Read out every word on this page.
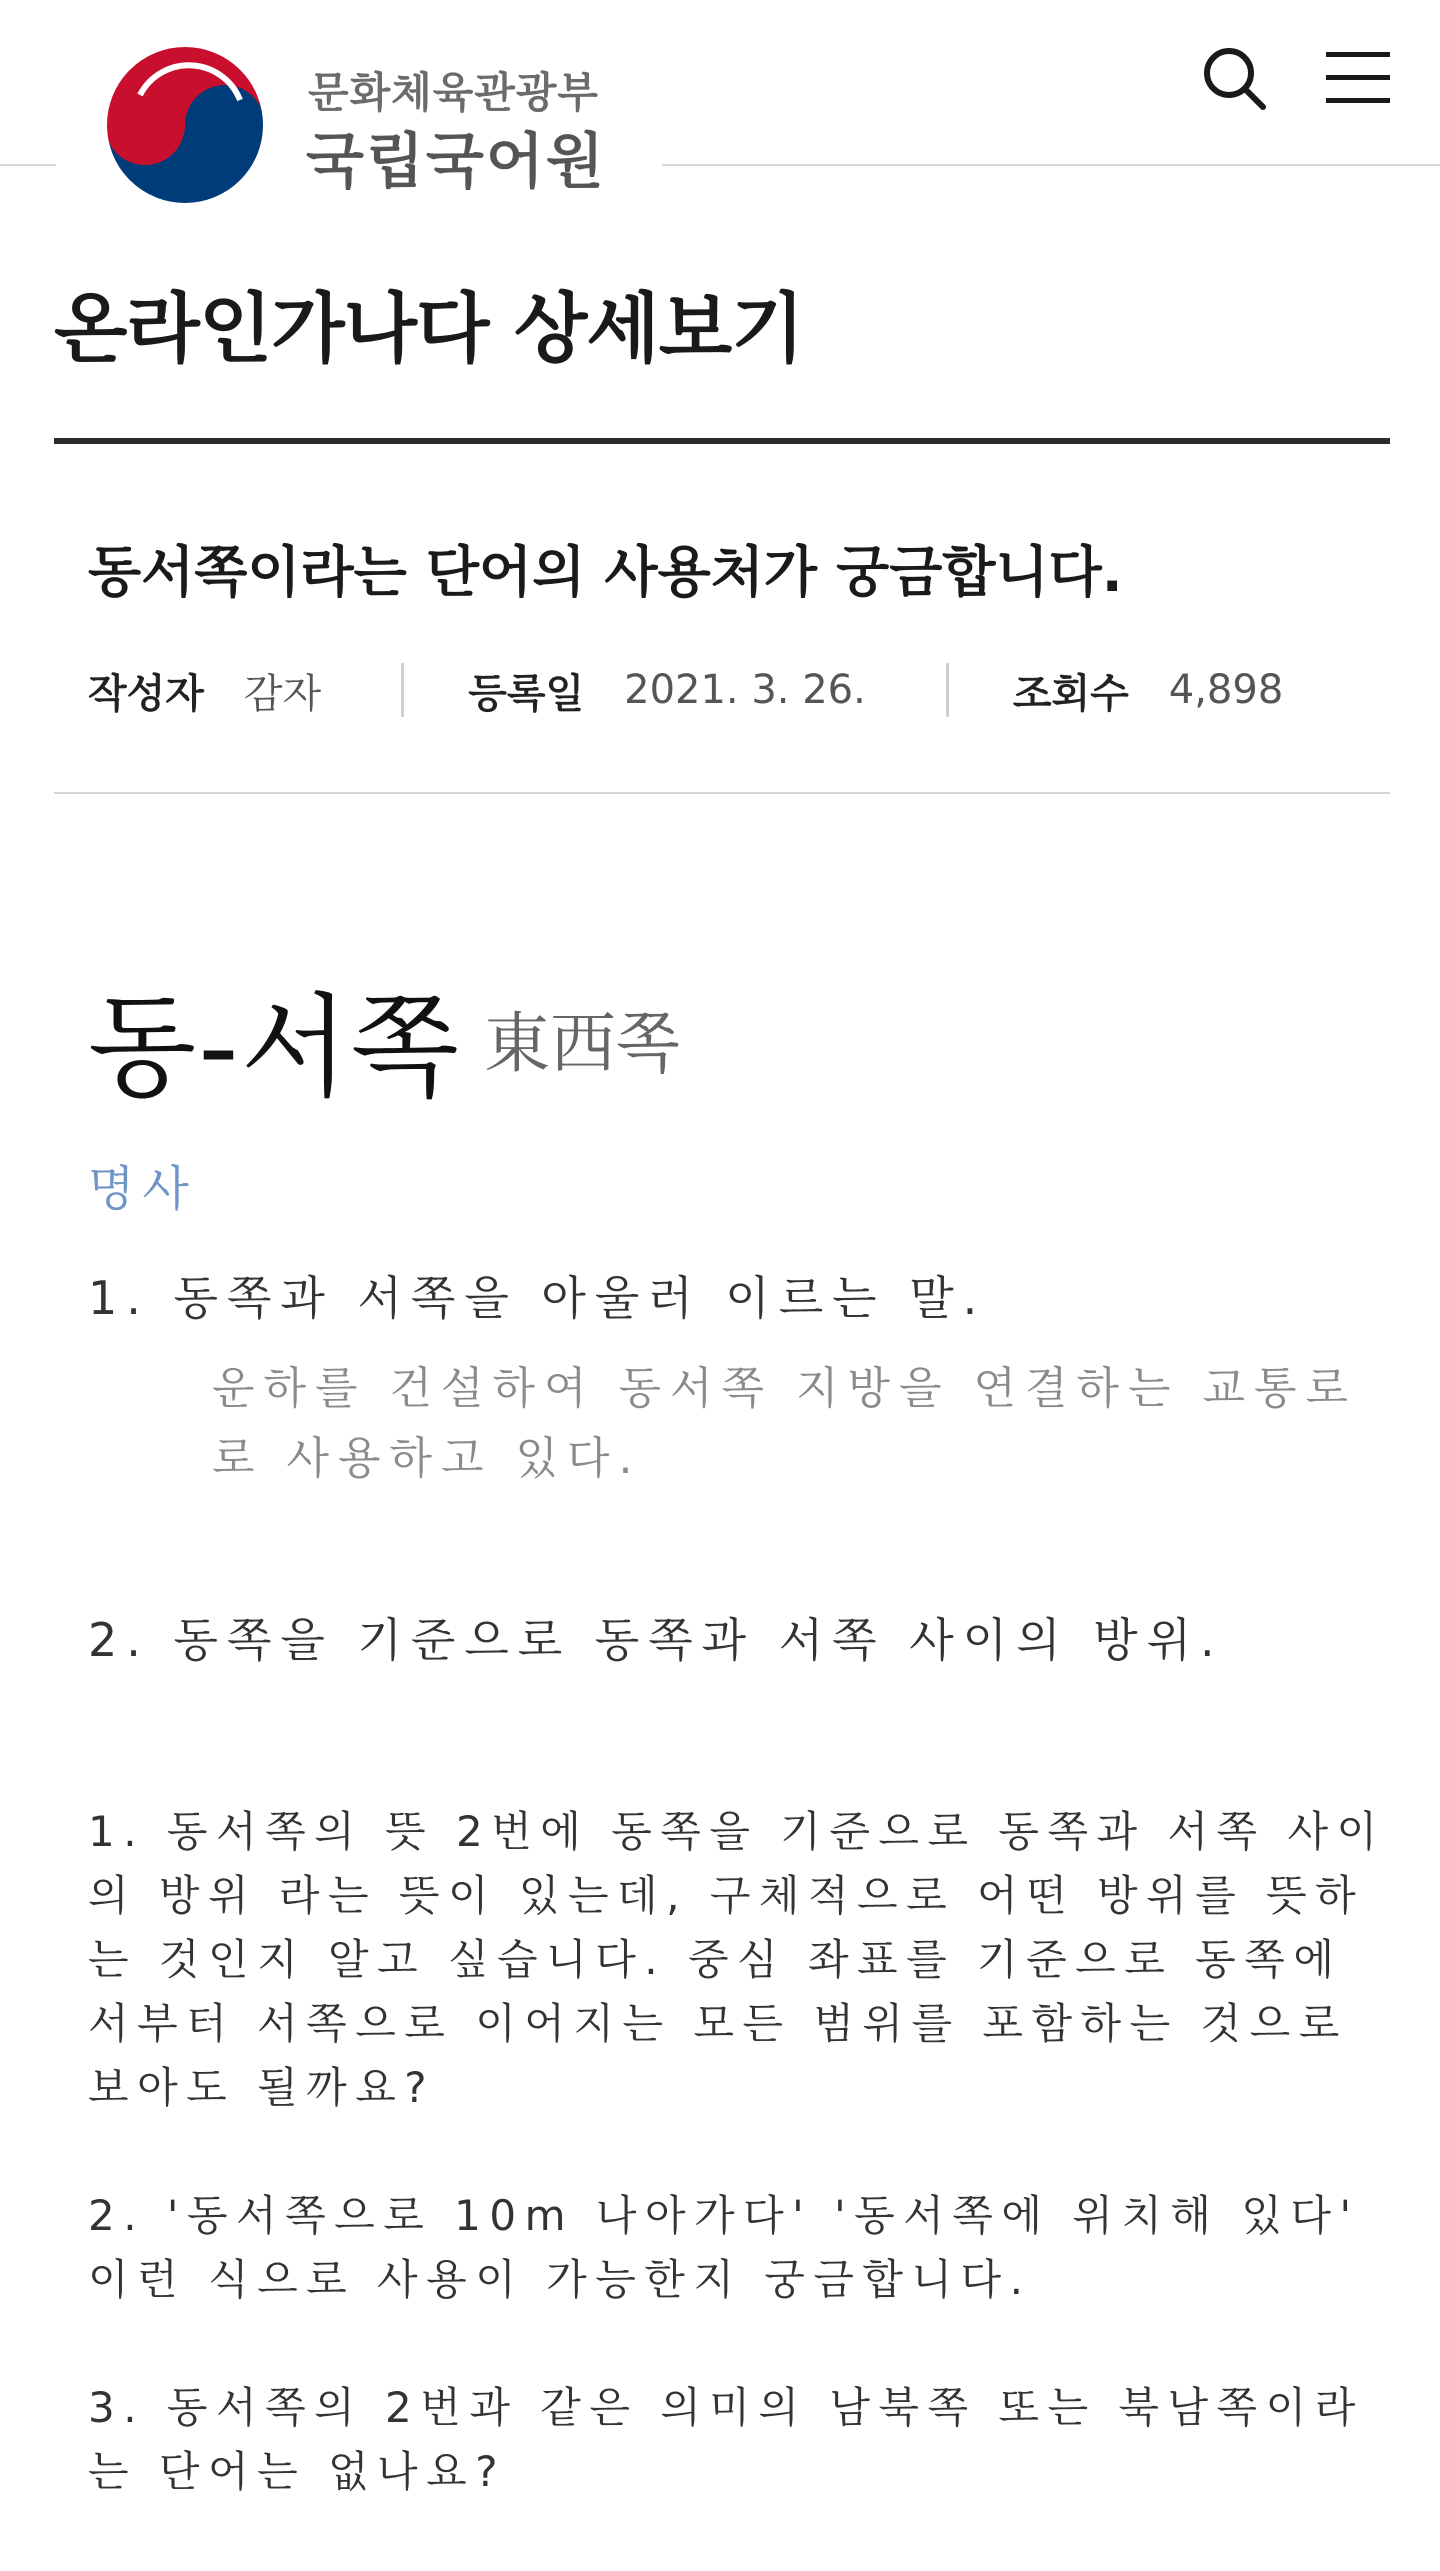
문화체육관광부
국립국어원
온라인가나다 상세보기
동서쪽이라는 단어의 사용처가 궁금합니다.
작성자 감자	등록일 2021. 3. 26.	조회수 4,898
동-서쪽 東西쪽
명사
1. 동쪽과 서쪽을 아울러 이르는 말.
운하를 건설하여 동서쪽 지방을 연결하는 교통로로 사용하고 있다.
2. 동쪽을 기준으로 동쪽과 서쪽 사이의 방위.

1. 동서쪽의 뜻 2번에 동쪽을 기준으로 동쪽과 서쪽 사이의 방위 라는 뜻이 있는데, 구체적으로 어떤 방위를 뜻하는 것인지 알고 싶습니다. 중심 좌표를 기준으로 동쪽에서부터 서쪽으로 이어지는 모든 범위를 포함하는 것으로 보아도 될까요?

2. '동서쪽으로 10m 나아가다' '동서쪽에 위치해 있다' 이런 식으로 사용이 가능한지 궁금합니다.

3. 동서쪽의 2번과 같은 의미의 남북쪽 또는 북남쪽이라는 단어는 없나요?
